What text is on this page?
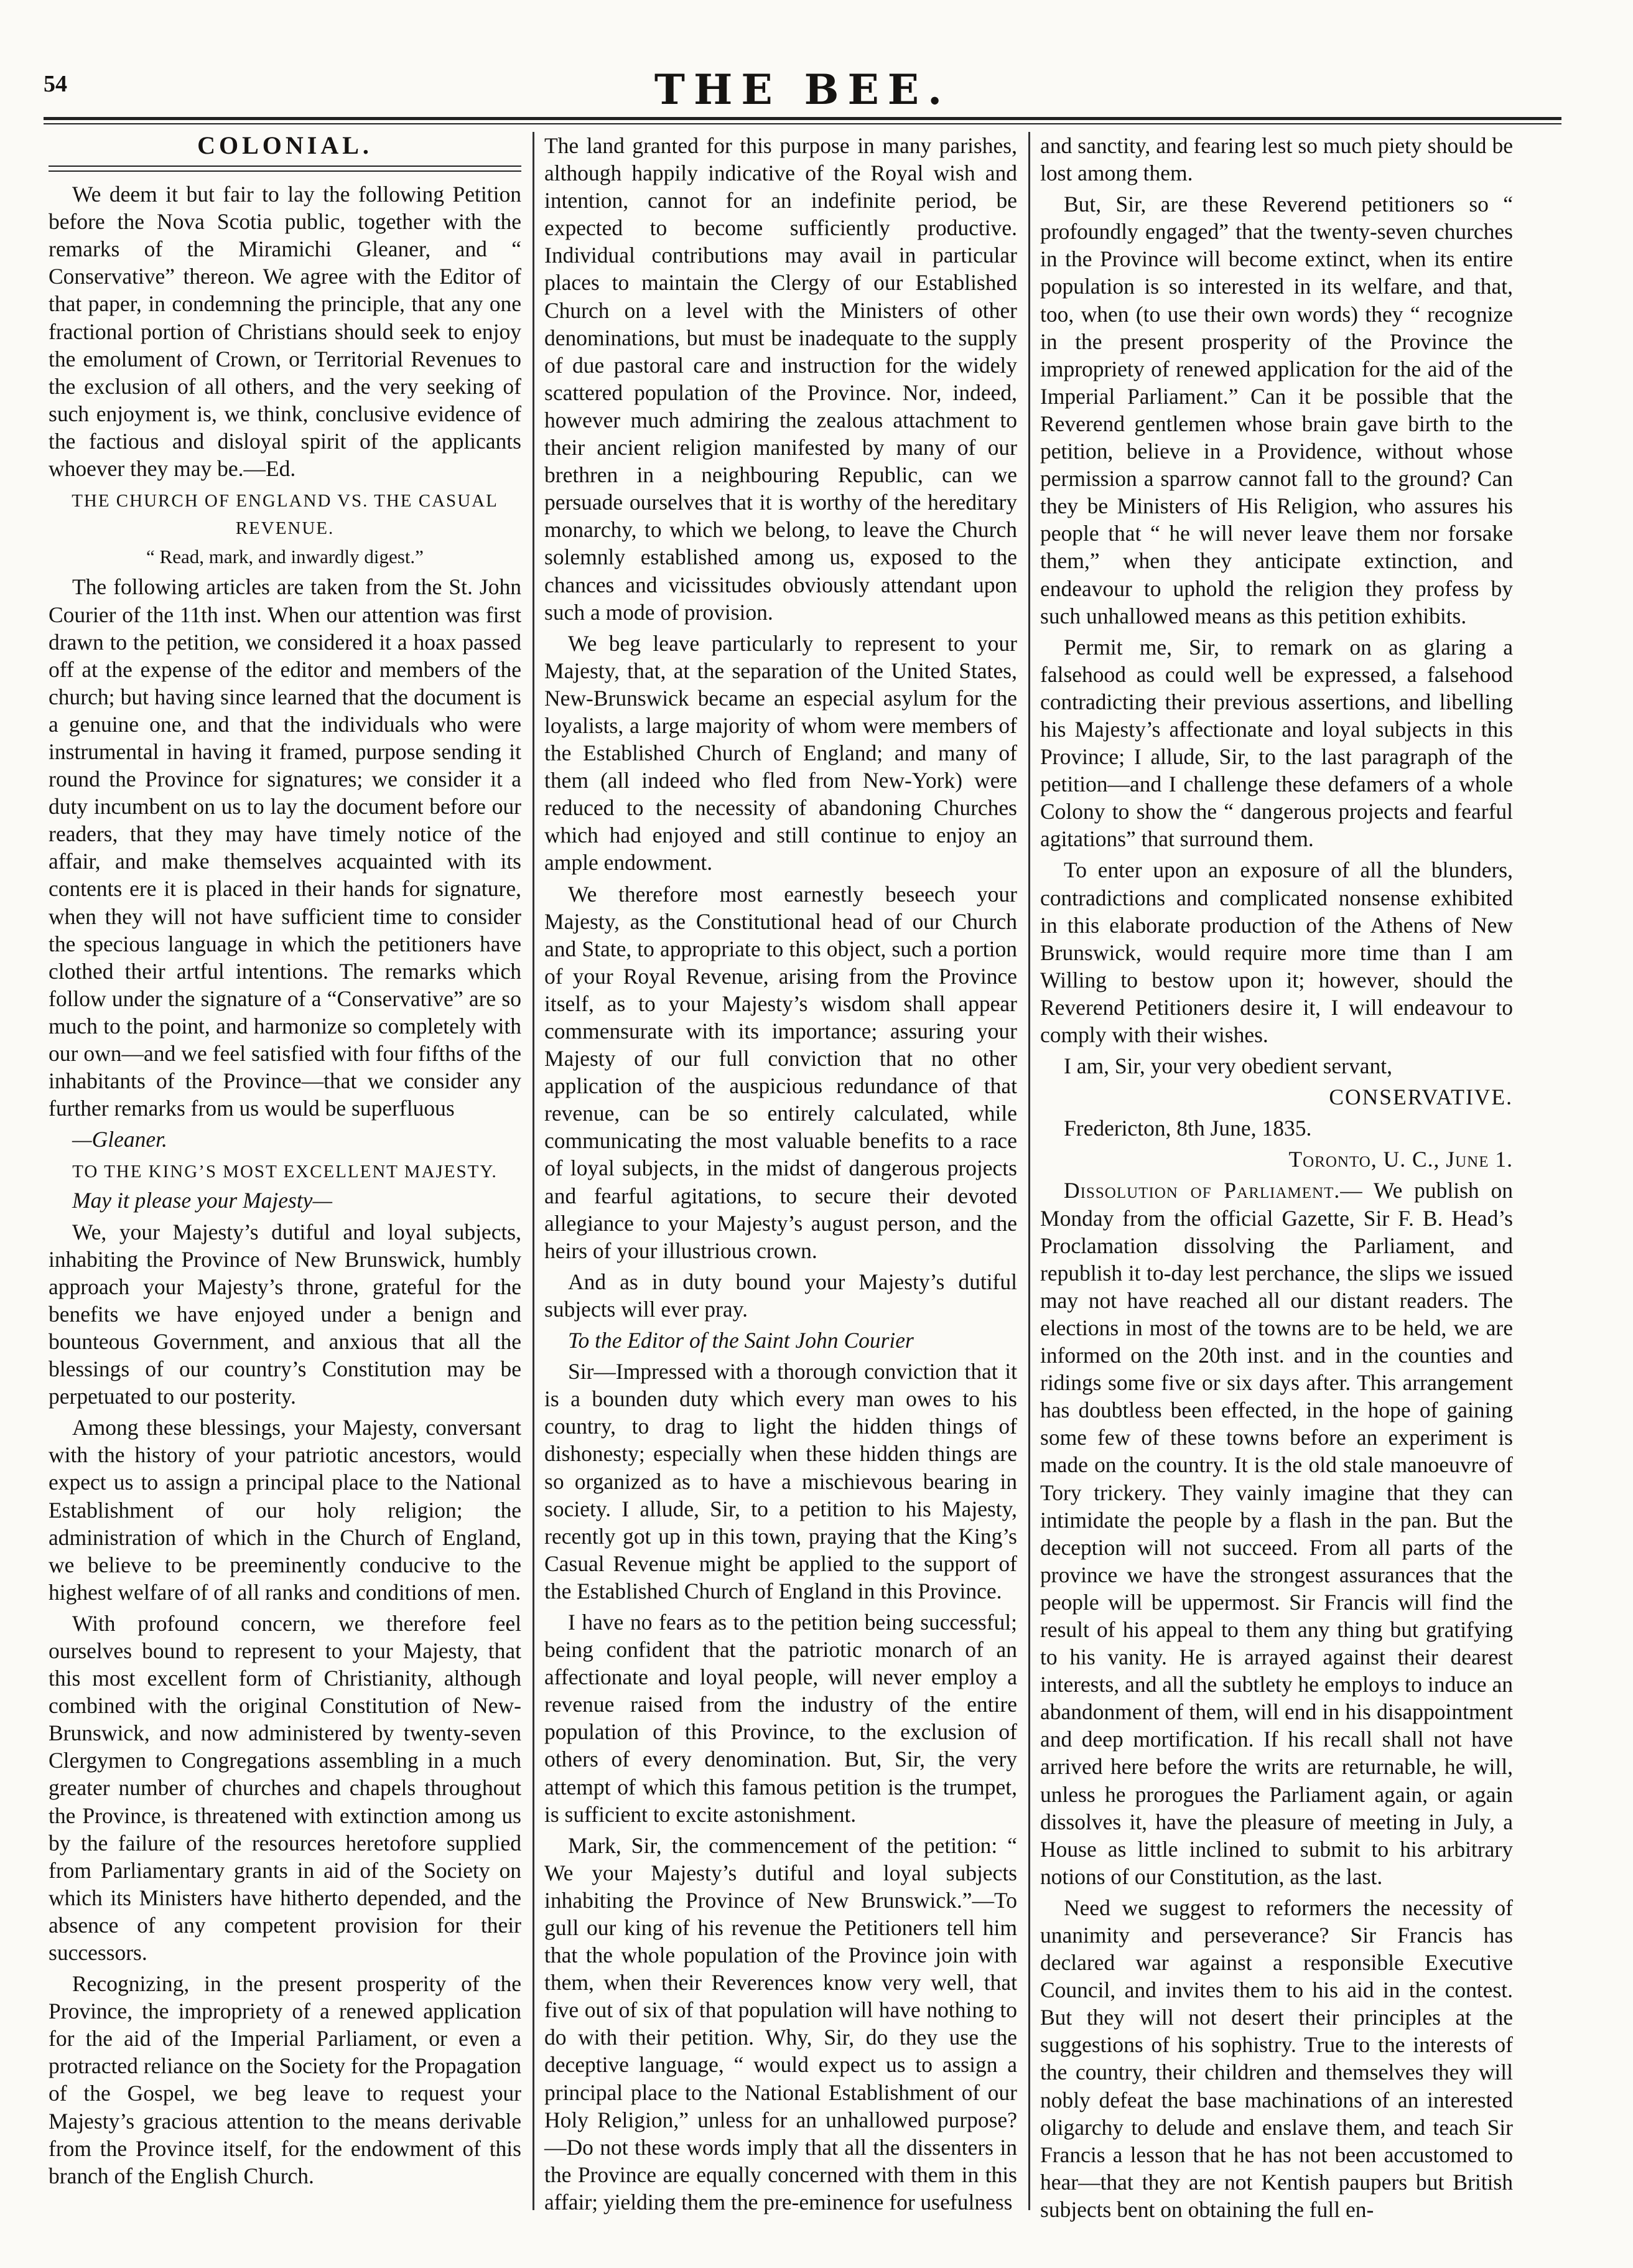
54	THE BEE.
COLONIAL.

We deem it but fair to lay the following Petition before the Nova Scotia public, together with the remarks of the Miramichi Gleaner, and “ Conservative” thereon. We agree with the Editor of that paper, in condemning the principle, that any one fractional portion of Christians should seek to enjoy the emolument of Crown, or Territorial Revenues to the exclusion of all others, and the very seeking of such enjoyment is, we think, conclusive evidence of the factious and disloyal spirit of the applicants whoever they may be.—Ed.

THE CHURCH OF ENGLAND VS. THE CASUAL REVENUE.

“ Read, mark, and inwardly digest.”

The following articles are taken from the St. John Courier of the 11th inst. When our attention was first drawn to the petition, we considered it a hoax passed off at the expense of the editor and members of the church; but having since learned that the document is a genuine one, and that the individuals who were instrumental in having it framed, purpose sending it round the Province for signatures; we consider it a duty incumbent on us to lay the document before our readers, that they may have timely notice of the affair, and make themselves acquainted with its contents ere it is placed in their hands for signature, when they will not have sufficient time to consider the specious language in which the petitioners have clothed their artful intentions. The remarks which follow under the signature of a “Conservative” are so much to the point, and harmonize so completely with our own—and we feel satisfied with four fifths of the inhabitants of the Province—that we consider any further remarks from us would be superfluous

—Gleaner.

TO THE KING’S MOST EXCELLENT MAJESTY.

May it please your Majesty—

We, your Majesty’s dutiful and loyal subjects, inhabiting the Province of New Brunswick, humbly approach your Majesty’s throne, grateful for the benefits we have enjoyed under a benign and bounteous Government, and anxious that all the blessings of our country’s Constitution may be perpetuated to our posterity.

Among these blessings, your Majesty, conversant with the history of your patriotic ancestors, would expect us to assign a principal place to the National Establishment of our holy religion; the administration of which in the Church of England, we believe to be preeminently conducive to the highest welfare of of all ranks and conditions of men.

With profound concern, we therefore feel ourselves bound to represent to your Majesty, that this most excellent form of Christianity, although combined with the original Constitution of New-Brunswick, and now administered by twenty-seven Clergymen to Congregations assembling in a much greater number of churches and chapels throughout the Province, is threatened with extinction among us by the failure of the resources heretofore supplied from Parliamentary grants in aid of the Society on which its Ministers have hitherto depended, and the absence of any competent provision for their successors.

Recognizing, in the present prosperity of the Province, the impropriety of a renewed application for the aid of the Imperial Parliament, or even a protracted reliance on the Society for the Propagation of the Gospel, we beg leave to request your Majesty’s gracious attention to the means derivable from the Province itself, for the endowment of this branch of the English Church.

The land granted for this purpose in many parishes, although happily indicative of the Royal wish and intention, cannot for an indefinite period, be expected to become sufficiently productive. Individual contributions may avail in particular places to maintain the Clergy of our Established Church on a level with the Ministers of other denominations, but must be inadequate to the supply of due pastoral care and instruction for the widely scattered population of the Province. Nor, indeed, however much admiring the zealous attachment to their ancient religion manifested by many of our brethren in a neighbouring Republic, can we persuade ourselves that it is worthy of the hereditary monarchy, to which we belong, to leave the Church solemnly established among us, exposed to the chances and vicissitudes obviously attendant upon such a mode of provision.

We beg leave particularly to represent to your Majesty, that, at the separation of the United States, New-Brunswick became an especial asylum for the loyalists, a large majority of whom were members of the Established Church of England; and many of them (all indeed who fled from New-York) were reduced to the necessity of abandoning Churches which had enjoyed and still continue to enjoy an ample endowment.

We therefore most earnestly beseech your Majesty, as the Constitutional head of our Church and State, to appropriate to this object, such a portion of your Royal Revenue, arising from the Province itself, as to your Majesty’s wisdom shall appear commensurate with its importance; assuring your Majesty of our full conviction that no other application of the auspicious redundance of that revenue, can be so entirely calculated, while communicating the most valuable benefits to a race of loyal subjects, in the midst of dangerous projects and fearful agitations, to secure their devoted allegiance to your Majesty’s august person, and the heirs of your illustrious crown.

And as in duty bound your Majesty’s dutiful subjects will ever pray.

To the Editor of the Saint John Courier

Sir—Impressed with a thorough conviction that it is a bounden duty which every man owes to his country, to drag to light the hidden things of dishonesty; especially when these hidden things are so organized as to have a mischievous bearing in society. I allude, Sir, to a petition to his Majesty, recently got up in this town, praying that the King’s Casual Revenue might be applied to the support of the Established Church of England in this Province.

I have no fears as to the petition being successful; being confident that the patriotic monarch of an affectionate and loyal people, will never employ a revenue raised from the industry of the entire population of this Province, to the exclusion of others of every denomination. But, Sir, the very attempt of which this famous petition is the trumpet, is sufficient to excite astonishment.

Mark, Sir, the commencement of the petition: “ We your Majesty’s dutiful and loyal subjects inhabiting the Province of New Brunswick.”—To gull our king of his revenue the Petitioners tell him that the whole population of the Province join with them, when their Reverences know very well, that five out of six of that population will have nothing to do with their petition. Why, Sir, do they use the deceptive language, “ would expect us to assign a principal place to the National Establishment of our Holy Religion,” unless for an unhallowed purpose?—Do not these words imply that all the dissenters in the Province are equally concerned with them in this affair; yielding them the pre-eminence for usefulness

and sanctity, and fearing lest so much piety should be lost among them.

But, Sir, are these Reverend petitioners so “ profoundly engaged” that the twenty-seven churches in the Province will become extinct, when its entire population is so interested in its welfare, and that, too, when (to use their own words) they “ recognize in the present prosperity of the Province the impropriety of renewed application for the aid of the Imperial Parliament.” Can it be possible that the Reverend gentlemen whose brain gave birth to the petition, believe in a Providence, without whose permission a sparrow cannot fall to the ground? Can they be Ministers of His Religion, who assures his people that “ he will never leave them nor forsake them,” when they anticipate extinction, and endeavour to uphold the religion they profess by such unhallowed means as this petition exhibits.

Permit me, Sir, to remark on as glaring a falsehood as could well be expressed, a falsehood contradicting their previous assertions, and libelling his Majesty’s affectionate and loyal subjects in this Province; I allude, Sir, to the last paragraph of the petition—and I challenge these defamers of a whole Colony to show the “ dangerous projects and fearful agitations” that surround them.

To enter upon an exposure of all the blunders, contradictions and complicated nonsense exhibited in this elaborate production of the Athens of New Brunswick, would require more time than I am Willing to bestow upon it; however, should the Reverend Petitioners desire it, I will endeavour to comply with their wishes.

I am, Sir, your very obedient servant,

CONSERVATIVE.

Fredericton, 8th June, 1835.

Toronto, U. C., June 1.

Dissolution of Parliament.— We publish on Monday from the official Gazette, Sir F. B. Head’s Proclamation dissolving the Parliament, and republish it to-day lest perchance, the slips we issued may not have reached all our distant readers. The elections in most of the towns are to be held, we are informed on the 20th inst. and in the counties and ridings some five or six days after. This arrangement has doubtless been effected, in the hope of gaining some few of these towns before an experiment is made on the country. It is the old stale manoeuvre of Tory trickery. They vainly imagine that they can intimidate the people by a flash in the pan. But the deception will not succeed. From all parts of the province we have the strongest assurances that the people will be uppermost. Sir Francis will find the result of his appeal to them any thing but gratifying to his vanity. He is arrayed against their dearest interests, and all the subtlety he employs to induce an abandonment of them, will end in his disappointment and deep mortification. If his recall shall not have arrived here before the writs are returnable, he will, unless he prorogues the Parliament again, or again dissolves it, have the pleasure of meeting in July, a House as little inclined to submit to his arbitrary notions of our Constitution, as the last.

Need we suggest to reformers the necessity of unanimity and perseverance? Sir Francis has declared war against a responsible Executive Council, and invites them to his aid in the contest. But they will not desert their principles at the suggestions of his sophistry. True to the interests of the country, their children and themselves they will nobly defeat the base machinations of an interested oligarchy to delude and enslave them, and teach Sir Francis a lesson that he has not been accustomed to hear—that they are not Kentish paupers but British subjects bent on obtaining the full en-
